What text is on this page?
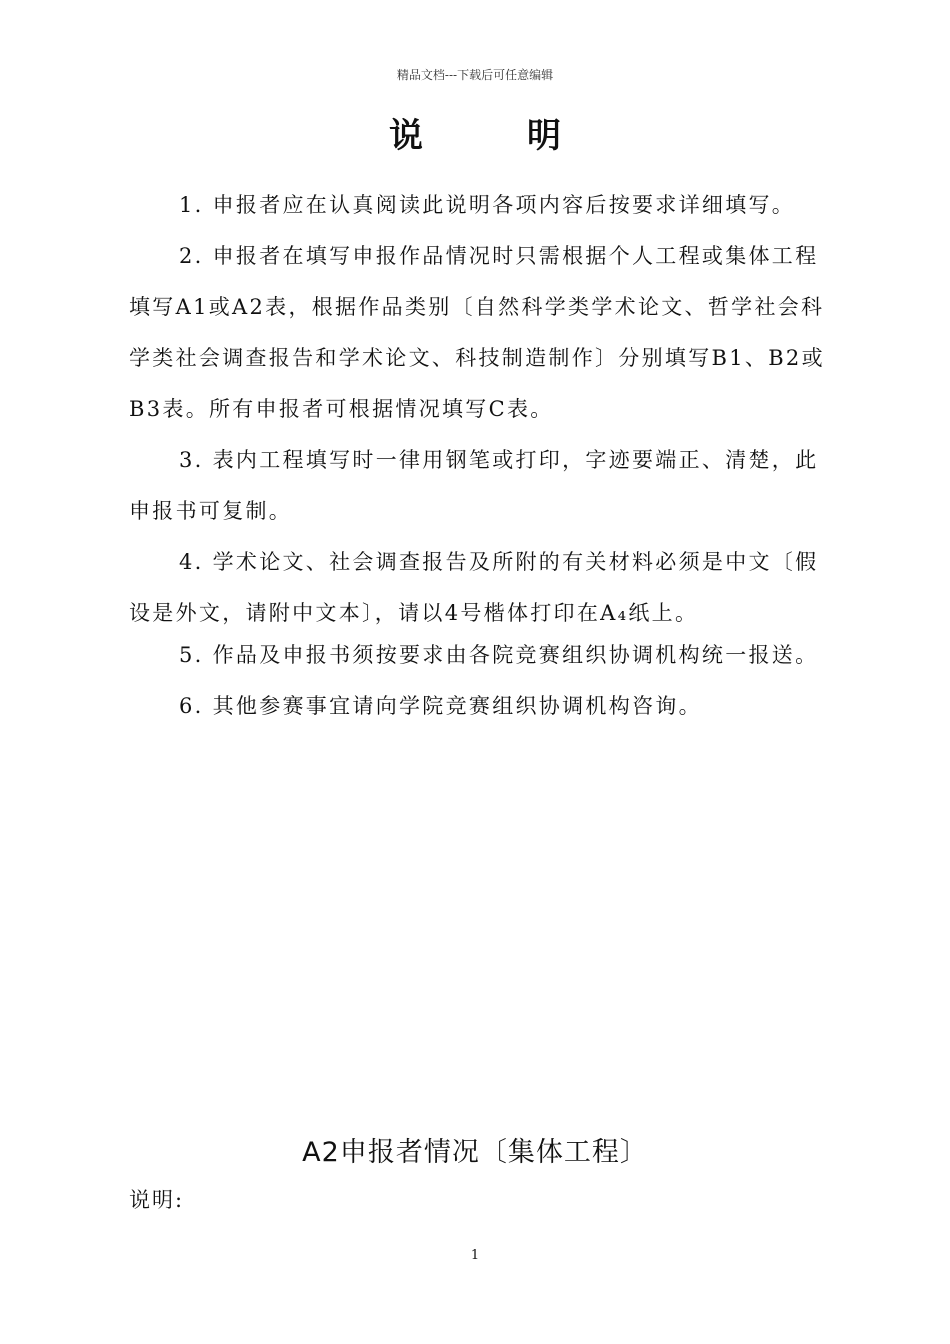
精品文档---下载后可任意编辑
说明
1. 申报者应在认真阅读此说明各项内容后按要求详细填写。
2. 申报者在填写申报作品情况时只需根据个人工程或集体工程填写A1或A2表，根据作品类别〔自然科学类学术论文、哲学社会科学类社会调查报告和学术论文、科技制造制作〕分别填写B1、B2或B3表。所有申报者可根据情况填写C表。
3. 表内工程填写时一律用钢笔或打印，字迹要端正、清楚，此申报书可复制。
4. 学术论文、社会调查报告及所附的有关材料必须是中文〔假设是外文，请附中文本〕，请以4号楷体打印在A₄纸上。
5. 作品及申报书须按要求由各院竞赛组织协调机构统一报送。
6. 其他参赛事宜请向学院竞赛组织协调机构咨询。
A2申报者情况〔集体工程〕
说明:
1
